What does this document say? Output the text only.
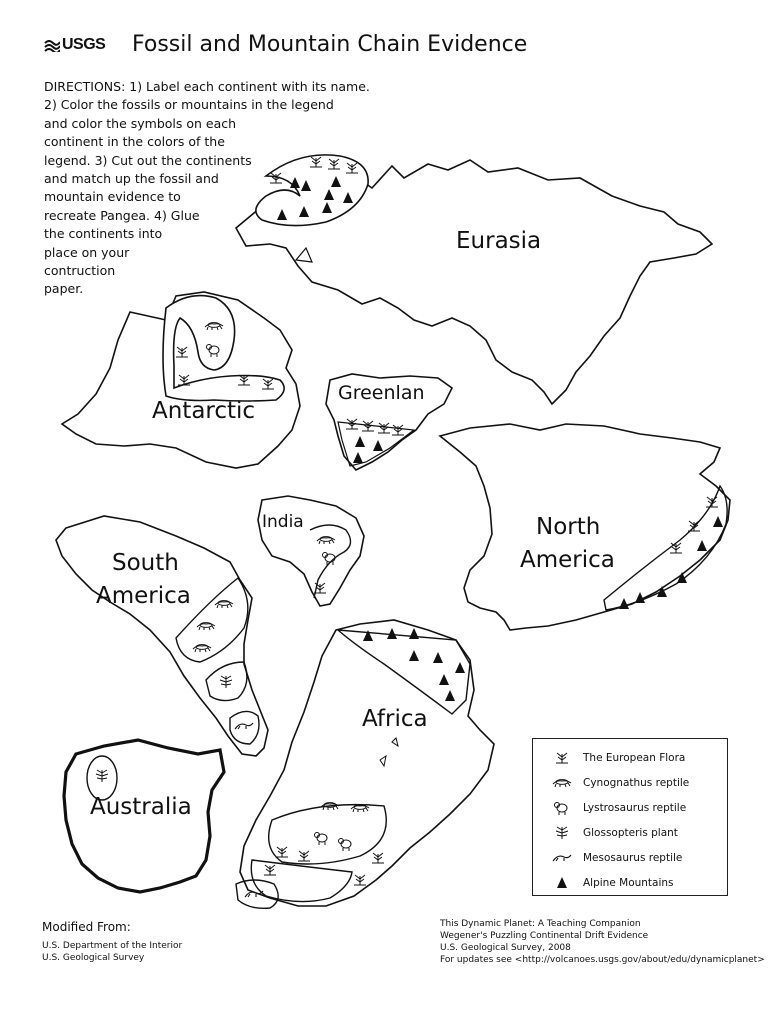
USGS Fossil and Mountain Chain Evidence
DIRECTIONS: 1) Label each continent with its name.
2) Color the fossils or mountains in the legend
and color the symbols on each
continent in the colors of the
legend. 3) Cut out the continents
and match up the fossil and
mountain evidence to
recreate Pangea. 4) Glue
the continents into
place on your
contruction
paper.
Eurasia
Antarctic
Greenlan
India	North
America
South
America
Africa
Australia
The European Flora
Cynognathus reptile
Lystrosaurus reptile
Glossopteris plant
Mesosaurus reptile
Alpine Mountains
Modified From:
U.S. Department of the Interior
U.S. Geological Survey
This Dynamic Planet: A Teaching Companion
Wegener's Puzzling Continental Drift Evidence
U.S. Geological Survey, 2008
For updates see <http://volcanoes.usgs.gov/about/edu/dynamicplanet>
